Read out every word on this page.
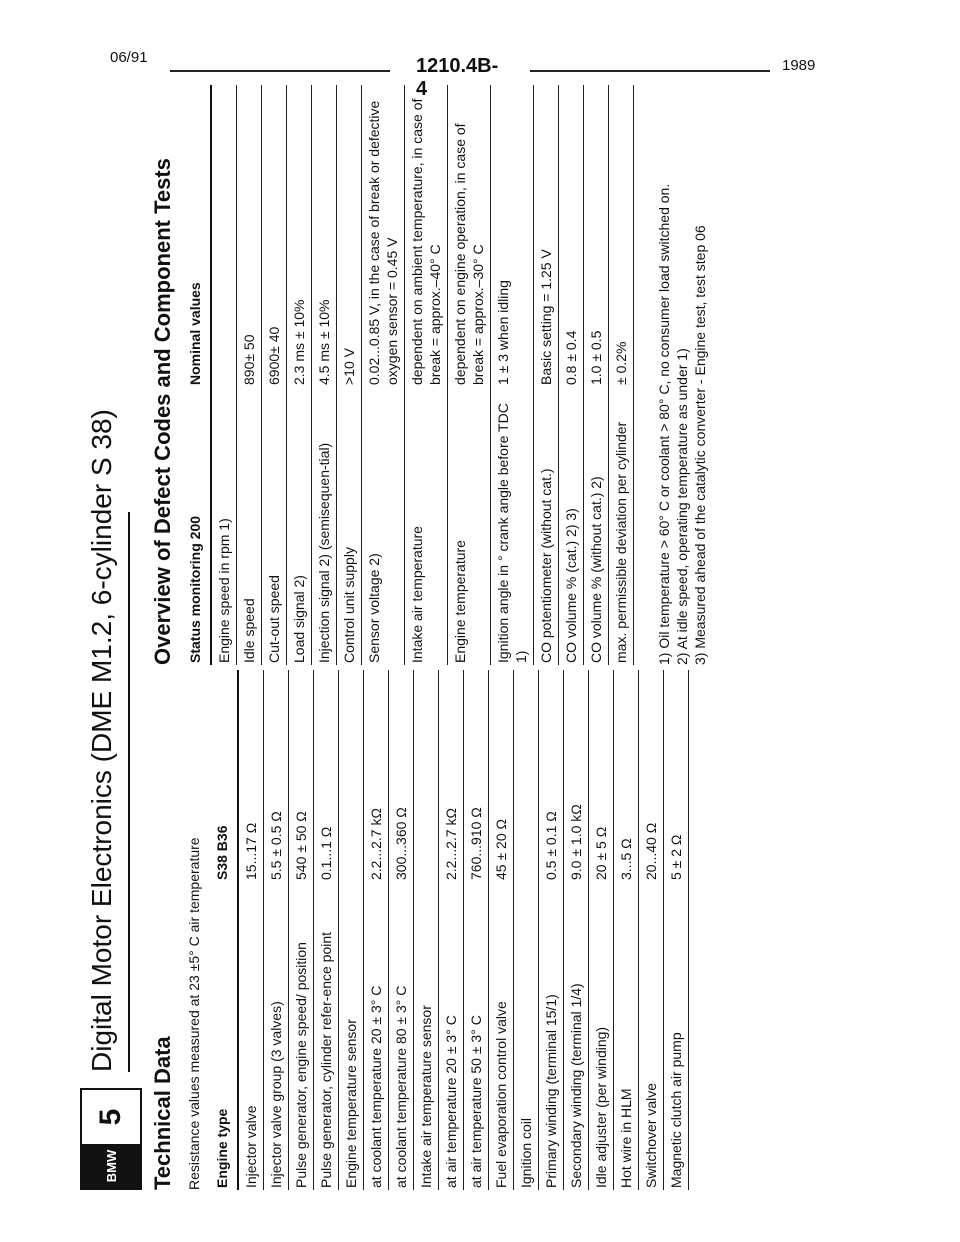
06/91	1210.4B-4
1989
BMW
5
Digital Motor Electronics (DME M1.2, 6-cylinder S 38)
Technical Data Resistance values measured at 23 ±5° C air temperature Engine type	S38 B36
Injector valve	15...17 Ω
Injector valve group (3 valves)	5.5 ± 0.5 Ω
Pulse generator, engine speed/ position	540 ± 50 Ω
Pulse generator, cylinder refer-ence point	0.1...1 Ω
Engine temperature sensor	
at coolant temperature 20 ± 3° C	2.2...2.7 kΩ
at coolant temperature 80 ± 3° C	300...360 Ω
Intake air temperature sensor	
at air temperature 20 ± 3° C	2.2...2.7 kΩ
at air temperature 50 ± 3° C	760...910 Ω
Fuel evaporation control valve	45 ± 20 Ω
Ignition coil	
Primary winding (terminal 15/1)	0.5 ± 0.1 Ω
Secondary winding (terminal 1/4)	9.0 ± 1.0 kΩ
Idle adjuster (per winding)	20 ± 5 Ω
Hot wire in HLM	3...5 Ω
Switchover valve	20...40 Ω
Magnetic clutch air pump	5 ± 2 Ω
Overview of Defect Codes and Component Tests Status monitoring 200	Nominal values
Engine speed in rpm 1)	
Idle speed	890± 50
Cut-out speed	6900± 40
Load signal 2)	2.3 ms ± 10%
Injection signal 2) (semisequen-tial)	4.5 ms ± 10%
Control unit supply	>10 V
Sensor voltage 2)	0.02...0.85 V, in the case of break or defective oxygen sensor = 0.45 V
Intake air temperature	dependent on ambient temperature, in case of break = approx.–40° C
Engine temperature	dependent on engine operation, in case of break = approx.–30° C
Ignition angle in ° crank angle before TDC 1)	1 ± 3 when idling
CO potentiometer (without cat.)	Basic setting = 1.25 V
CO volume % (cat.) 2) 3)	0.8 ± 0.4
CO volume % (without cat.) 2)	1.0 ± 0.5
max. permissible deviation per cylinder	± 0.2% 1) Oil temperature > 60° C or coolant > 80° C, no consumer load switched on. 2) At idle speed, operating temperature as under 1) 3) Measured ahead of the catalytic converter - Engine test, test step 06
